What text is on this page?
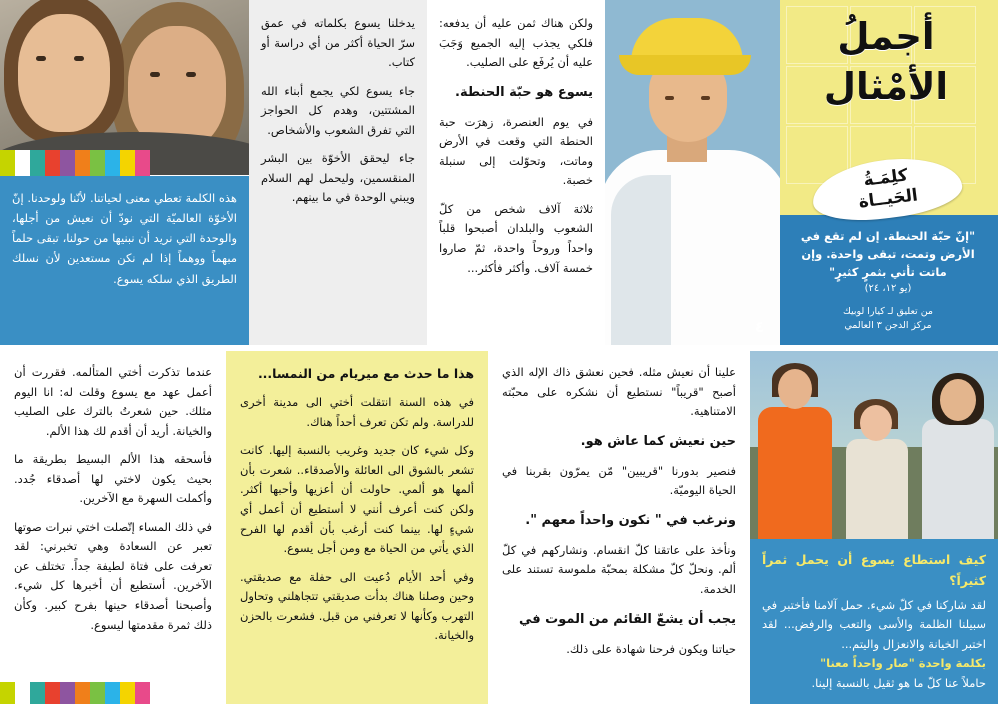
هذه الكلمة تعطي معنى لحياتنا. لأنّنا ولوحدنا. إنّ الأخوّة العالميّة التي نودّ أن نعيش من أجلها، والوحدة التي نريد أن نبنيها من حولنا، تبقى حلماً مبهماً ووهماً إذا لم نكن مستعدين لأن نسلك الطريق الذي سلكه يسوع.

يدخلنا يسوع بكلماته في عمق سرّ الحياة أكثر من أي دراسة أو كتاب.

جاء يسوع لكي يجمع أبناء الله المشتتين، وهدم كل الحواجز التي تفرق الشعوب والأشخاص.

جاء ليحقق الأخوّة بين البشر المنقسمين، وليحمل لهم السلام ويبني الوحدة في ما بينهم.

ولكن هناك ثمن عليه أن يدفعه: فلكي يجذب إليه الجميع وَجَبَ عليه أن يُرفَع على الصليب.

يسوع هو حبّة الحنطة.

في يوم العنصرة، زهرَت حبة الحنطة التي وقعت في الأرض وماتت، وتحوّلت إلى سنبلة خصبة.

ثلاثة آلاف شخص من كلّ الشعوب والبلدان أصبحوا قلباً واحداً وروحاً واحدة، ثمّ صاروا خمسة آلاف. وأكثر فأكثر...

أجملُ
الأمْثال
كلِمَـةُ
الحَيــاة
"إنّ حبّة الحنطة. إن لم تقع في الأرض وتمت، تبقى واحدة. وإن ماتت تأتي بثمرٍ كثيرٍ"
(يو ١٢، ٢٤)
من تعليق لـ كيارا لوبيك
مركز الدجن ٣ العالمي
٤
كيف استطاع يسوع أن يحمل ثمراً كثيراً؟
لقد شاركنا في كلّ شيء. حمل آلامنا فأختبر في سبيلنا الظلمة والأسى والتعب والرفض... لقد اختبر الخيانة والانعزال واليتم...
بكلمة واحدة "صار واحداً معنا"
حاملاً عنا كلّ ما هو ثقيل بالنسبة إلينا.

علينا أن نعيش مثله. فحين نعشق ذاك الإله الذي أصبح "قريباً" نستطيع أن نشكره على محبّته الامتناهية.

حين نعيش كما عاش هو.

فنصير بدورنا "قريبين" مّن يمرّون بقربنا في الحياة اليوميّة.

ونرغب في " نكون واحداً معهم ".

ونأخذ على عاتقنا كلّ انقسام. ونشاركهم في كلّ ألم. ونحلّ كلّ مشكلة بمحبّة ملموسة تستند على الخدمة.

يجب أن يشعّ القائم من الموت في

حياتنا ويكون فرحنا شهادة على ذلك.

هذا ما حدث مع ميريام من النمسا...

في هذه السنة انتقلت أختي الى مدينة أخرى للدراسة. ولم تكن تعرف أحداً هناك.

وكل شيء كان جديد وغريب بالنسبة إليها. كانت تشعر بالشوق الى العائلة والأصدقاء.. شعرت بأن ألمها هو ألمي. حاولت أن أعزيها وأحبها أكثر. ولكن كنت أعرف أنني لا أستطيع أن أعمل أي شيءٍ لها. بينما كنت أرغب بأن أقدم لها الفرح الذي يأتي من الحياة مع ومن أجل يسوع.

وفي أحد الأيام دُعيت الى حفلة مع صديقتي. وحين وصلنا هناك بدأت صديقتي تتجاهلني وتحاول التهرب وكأنها لا تعرفني من قبل. فشعرت بالحزن والخيانة.

عندما تذكرت أختي المتألمه. فقررت أن أعمل عهد مع يسوع وقلت له: انا اليوم مثلك. حين شعرتُ بالترك على الصليب والخيانة. أريد أن أقدم لك هذا الألم.

فأسحقه هذا الألم البسيط بطريقة ما بحيث يكون لاختي لها أصدقاء جُدد. وأكملت السهرة مع الآخرين.

في ذلك المساء إتّصلت اختي نبرات صوتها تعبر عن السعادة وهي تخبرني: لقد تعرفت على فتاة لطيفة جداً. تختلف عن الآخرين. أستطيع أن أخبرها كل شيء. وأصبحنا أصدقاء حينها بفرح كبير. وكأن ذلك ثمرة مقدمتها ليسوع.
